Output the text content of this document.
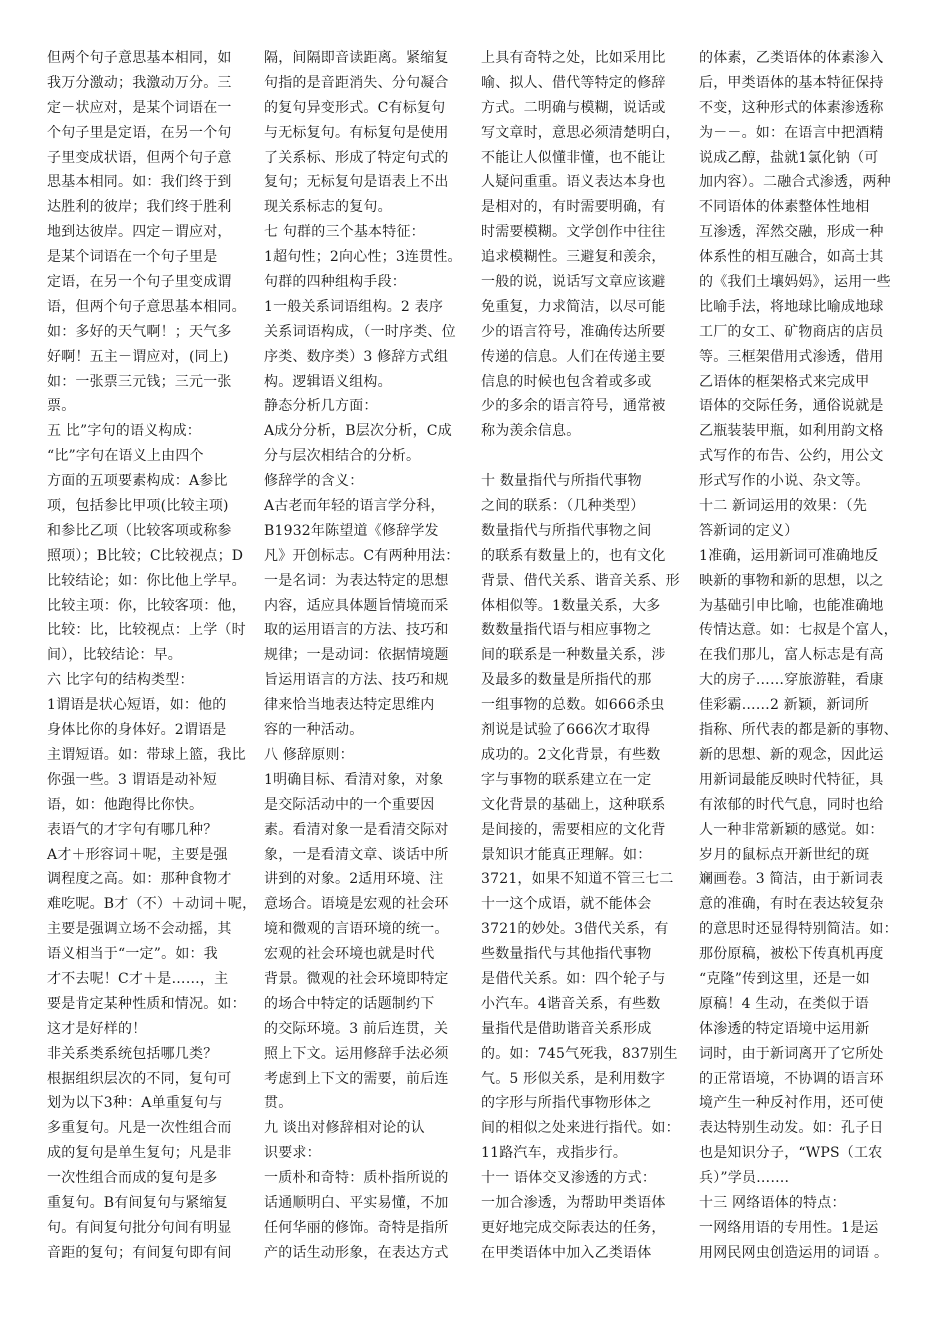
但两个句子意思基本相同，如
我万分激动；我激动万分。三
定－状应对，是某个词语在一
个句子里是定语，在另一个句
子里变成状语，但两个句子意
思基本相同。如：我们终于到
达胜利的彼岸；我们终于胜利
地到达彼岸。四定－谓应对，
是某个词语在一个句子里是
定语，在另一个句子里变成谓
语，但两个句子意思基本相同。
如：多好的天气啊！；天气多
好啊！五主－谓应对，(同上)
如：一张票三元钱；三元一张
票。
五 比”字句的语义构成：
“比”字句在语义上由四个
方面的五项要素构成：A参比
项，包括参比甲项(比较主项)
和参比乙项（比较客项或称参
照项）；B比较；C比较视点；D
比较结论；如：你比他上学早。
比较主项：你，比较客项：他，
比较：比，比较视点：上学（时
间），比较结论：早。
六 比字句的结构类型：
1谓语是状心短语，如：他的
身体比你的身体好。2谓语是
主谓短语。如：带球上篮，我比
你强一些。3 谓语是动补短
语，如：他跑得比你快。
表语气的才字句有哪几种？
A才＋形容词＋呢，主要是强
调程度之高。如：那种食物才
难吃呢。B才（不）＋动词＋呢，
主要是强调立场不会动摇，其
语义相当于“一定”。如：我
才不去呢！C才＋是……，主
要是肯定某种性质和情况。如：
这才是好样的！
非关系类系统包括哪几类？
根据组织层次的不同，复句可
划为以下3种：A单重复句与
多重复句。凡是一次性组合而
成的复句是单生复句；凡是非
一次性组合而成的复句是多
重复句。B有间复句与紧缩复
句。有间复句批分句间有明显
音距的复句；有间复句即有间
隔，间隔即音读距离。紧缩复
句指的是音距消失、分句凝合
的复句异变形式。C有标复句
与无标复句。有标复句是使用
了关系标、形成了特定句式的
复句；无标复句是语表上不出
现关系标志的复句。
七 句群的三个基本特征：
1超句性；2向心性；3连贯性。
句群的四种组构手段：
1一般关系词语组构。2 表序
关系词语构成，（一时序类、位
序类、数序类）3 修辞方式组
构。逻辑语义组构。
静态分析几方面：
A成分分析，B层次分析，C成
分与层次相结合的分析。
修辞学的含义：
A古老而年轻的语言学分科，
B1932年陈望道《修辞学发
凡》开创标志。C有两种用法：
一是名词：为表达特定的思想
内容，适应具体题旨情境而采
取的运用语言的方法、技巧和
规律；一是动词：依据情境题
旨运用语言的方法、技巧和规
律来恰当地表达特定思维内
容的一种活动。
八 修辞原则：
1明确目标、看清对象，对象
是交际活动中的一个重要因
素。看清对象一是看清交际对
象，一是看清文章、谈话中所
讲到的对象。2适用环境、注
意场合。语境是宏观的社会环
境和微观的言语环境的统一。
宏观的社会环境也就是时代
背景。微观的社会环境即特定
的场合中特定的话题制约下
的交际环境。3 前后连贯，关
照上下文。运用修辞手法必须
考虑到上下文的需要，前后连
贯。
九 谈出对修辞相对论的认
识要求：
一质朴和奇特：质朴指所说的
话通顺明白、平实易懂，不加
任何华丽的修饰。奇特是指所
产的话生动形象，在表达方式
上具有奇特之处，比如采用比
喻、拟人、借代等特定的修辞
方式。二明确与模糊，说话或
写文章时，意思必须清楚明白，
不能让人似懂非懂，也不能让
人疑问重重。语义表达本身也
是相对的，有时需要明确，有
时需要模糊。文学创作中往往
追求模糊性。三避复和羡余，
一般的说，说话写文章应该避
免重复，力求简洁，以尽可能
少的语言符号，准确传达所要
传递的信息。人们在传递主要
信息的时候也包含着或多或
少的多余的语言符号，通常被
称为羡余信息。
十 数量指代与所指代事物
之间的联系：（几种类型）
数量指代与所指代事物之间
的联系有数量上的，也有文化
背景、借代关系、谐音关系、形
体相似等。1数量关系，大多
数数量指代语与相应事物之
间的联系是一种数量关系，涉
及最多的数量是所指代的那
一组事物的总数。如666杀虫
剂说是试验了666次才取得
成功的。2文化背景，有些数
字与事物的联系建立在一定
文化背景的基础上，这种联系
是间接的，需要相应的文化背
景知识才能真正理解。如：
3721，如果不知道不管三七二
十一这个成语，就不能体会
3721的妙处。3借代关系，有
些数量指代与其他指代事物
是借代关系。如：四个轮子与
小汽车。4谐音关系，有些数
量指代是借助谐音关系形成
的。如：745气死我，837别生
气。5 形似关系，是利用数字
的字形与所指代事物形体之
间的相似之处来进行指代。如：
11路汽车，戎指步行。
十一 语体交叉渗透的方式：
一加合渗透，为帮助甲类语体
更好地完成交际表达的任务，
在甲类语体中加入乙类语体
的体素，乙类语体的体素渗入
后，甲类语体的基本特征保持
不变，这种形式的体素渗透称
为－－。如：在语言中把酒精
说成乙醇，盐就1氯化钠（可
加内容）。二融合式渗透，两种
不同语体的体素整体性地相
互渗透，浑然交融，形成一种
体系性的相互融合，如高士其
的《我们土壤妈妈》，运用一些
比喻手法，将地球比喻成地球
工厂的女工、矿物商店的店员
等。三框架借用式渗透，借用
乙语体的框架格式来完成甲
语体的交际任务，通俗说就是
乙瓶装装甲瓶，如利用韵文格
式写作的布告、公约，用公文
形式写作的小说、杂文等。
十二 新词运用的效果：（先
答新词的定义）
1准确，运用新词可准确地反
映新的事物和新的思想，以之
为基础引申比喻，也能准确地
传情达意。如：七叔是个富人，
在我们那儿，富人标志是有高
大的房子……穿旅游鞋，看康
佳彩霸……2 新颖，新词所
指称、所代表的都是新的事物、
新的思想、新的观念，因此运
用新词最能反映时代特征，具
有浓郁的时代气息，同时也给
人一种非常新颖的感觉。如：
岁月的鼠标点开新世纪的斑
斓画卷。3 简洁，由于新词表
意的准确，有时在表达较复杂
的意思时还显得特别简洁。如：
那份原稿，被松下传真机再度
“克隆”传到这里，还是一如
原稿！4 生动，在类似于语
体渗透的特定语境中运用新
词时，由于新词离开了它所处
的正常语境，不协调的语言环
境产生一种反衬作用，还可使
表达特别生动发。如：孔子日
也是知识分子，“WPS（工农
兵）”学员…….
十三 网络语体的特点：
一网络用语的专用性。1是运
用网民网虫创造运用的词语 。
